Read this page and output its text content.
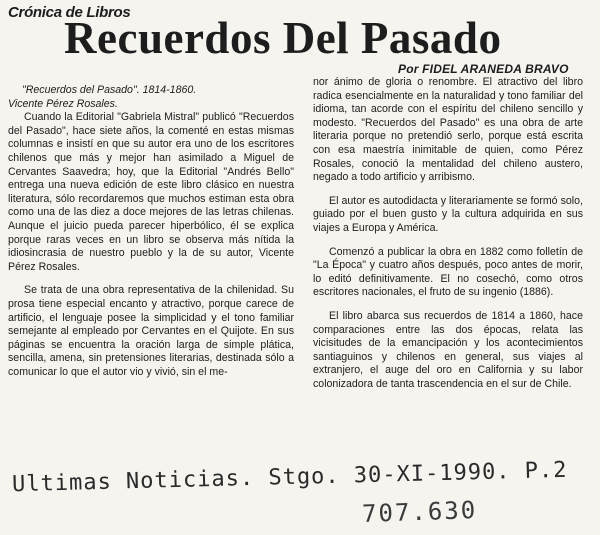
Crónica de Libros
Recuerdos Del Pasado
Por FIDEL ARANEDA BRAVO

"Recuerdos del Pasado". 1814-1860.
Vicente Pérez Rosales.

Cuando la Editorial "Gabriela Mistral" publicó "Recuerdos del Pasado", hace siete años, la comenté en estas mismas columnas e insistí en que su autor era uno de los escritores chilenos que más y mejor han asimilado a Miguel de Cervantes Saavedra; hoy, que la Editorial "Andrés Bello" entrega una nueva edición de este libro clásico en nuestra literatura, sólo recordaremos que muchos estiman esta obra como una de las diez a doce mejores de las letras chilenas. Aunque el juicio pueda parecer hiperbólico, él se explica porque raras veces en un libro se observa más nítida la idiosincrasia de nuestro pueblo y la de su autor, Vicente Pérez Rosales.

Se trata de una obra representativa de la chilenidad. Su prosa tiene especial encanto y atractivo, porque carece de artificio, el lenguaje posee la simplicidad y el tono familiar semejante al empleado por Cervantes en el Quijote. En sus páginas se encuentra la oración larga de simple plática, sencilla, amena, sin pretensiones literarias, destinada sólo a comunicar lo que el autor vio y vivió, sin el me-

nor ánimo de gloria o renombre. El atractivo del libro radica esencialmente en la naturalidad y tono familiar del idioma, tan acorde con el espíritu del chileno sencillo y modesto. "Recuerdos del Pasado" es una obra de arte literaria porque no pretendió serlo, porque está escrita con esa maestría inimitable de quien, como Pérez Rosales, conoció la mentalidad del chileno austero, negado a todo artificio y arribismo.

El autor es autodidacta y literariamente se formó solo, guiado por el buen gusto y la cultura adquirida en sus viajes a Europa y América.

Comenzó a publicar la obra en 1882 como folletín de "La Época" y cuatro años después, poco antes de morir, lo editó definitivamente. El no cosechó, como otros escritores nacionales, el fruto de su ingenio (1886).

El libro abarca sus recuerdos de 1814 a 1860, hace comparaciones entre las dos épocas, relata las vicisitudes de la emancipación y los acontecimientos santiaguinos y chilenos en general, sus viajes al extranjero, el auge del oro en California y su labor colonizadora de tanta trascendencia en el sur de Chile.

Ultimas Noticias. Stgo. 30-XI-1990. P.2
707.630
